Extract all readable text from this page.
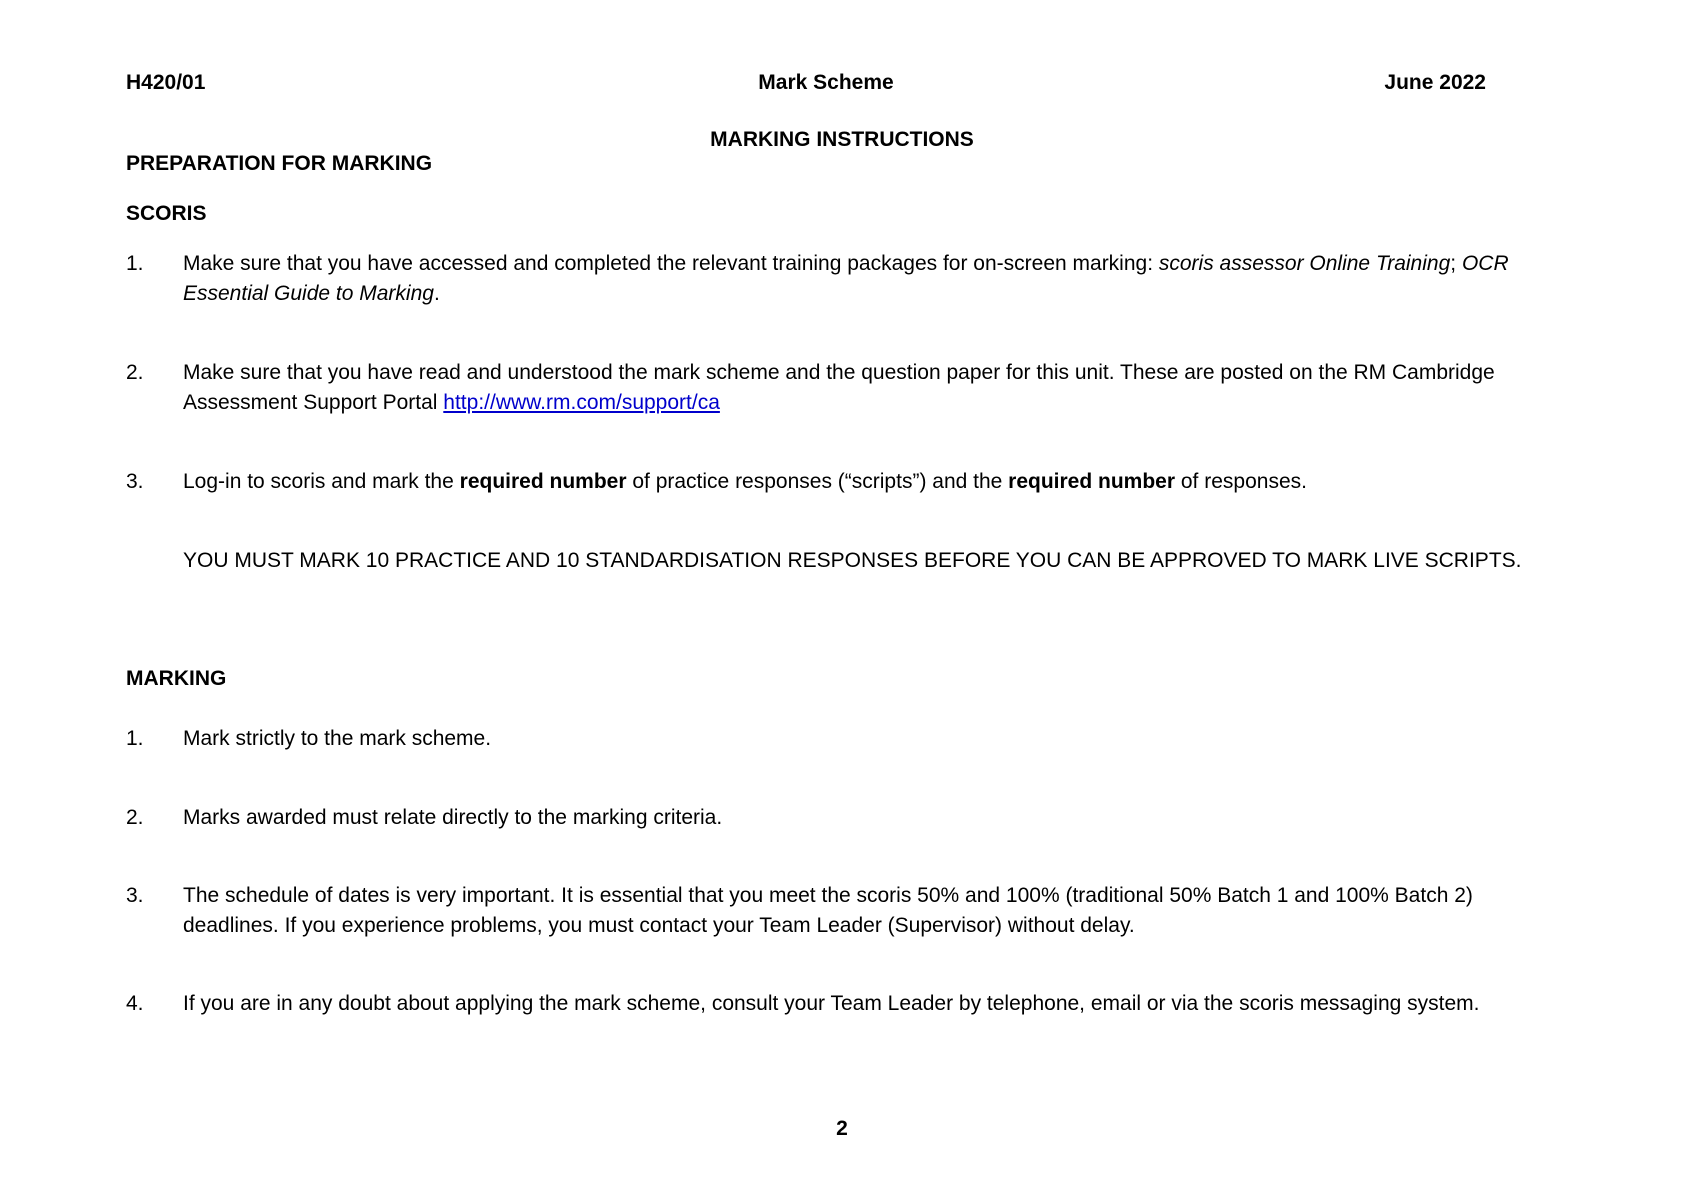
H420/01	Mark Scheme	June 2022
MARKING INSTRUCTIONS
PREPARATION FOR MARKING
SCORIS
1. Make sure that you have accessed and completed the relevant training packages for on-screen marking: scoris assessor Online Training; OCR Essential Guide to Marking.
2. Make sure that you have read and understood the mark scheme and the question paper for this unit. These are posted on the RM Cambridge Assessment Support Portal http://www.rm.com/support/ca
3. Log-in to scoris and mark the required number of practice responses (“scripts”) and the required number of responses.
YOU MUST MARK 10 PRACTICE AND 10 STANDARDISATION RESPONSES BEFORE YOU CAN BE APPROVED TO MARK LIVE SCRIPTS.
MARKING
1. Mark strictly to the mark scheme.
2. Marks awarded must relate directly to the marking criteria.
3. The schedule of dates is very important. It is essential that you meet the scoris 50% and 100% (traditional 50% Batch 1 and 100% Batch 2) deadlines. If you experience problems, you must contact your Team Leader (Supervisor) without delay.
4. If you are in any doubt about applying the mark scheme, consult your Team Leader by telephone, email or via the scoris messaging system.
2
